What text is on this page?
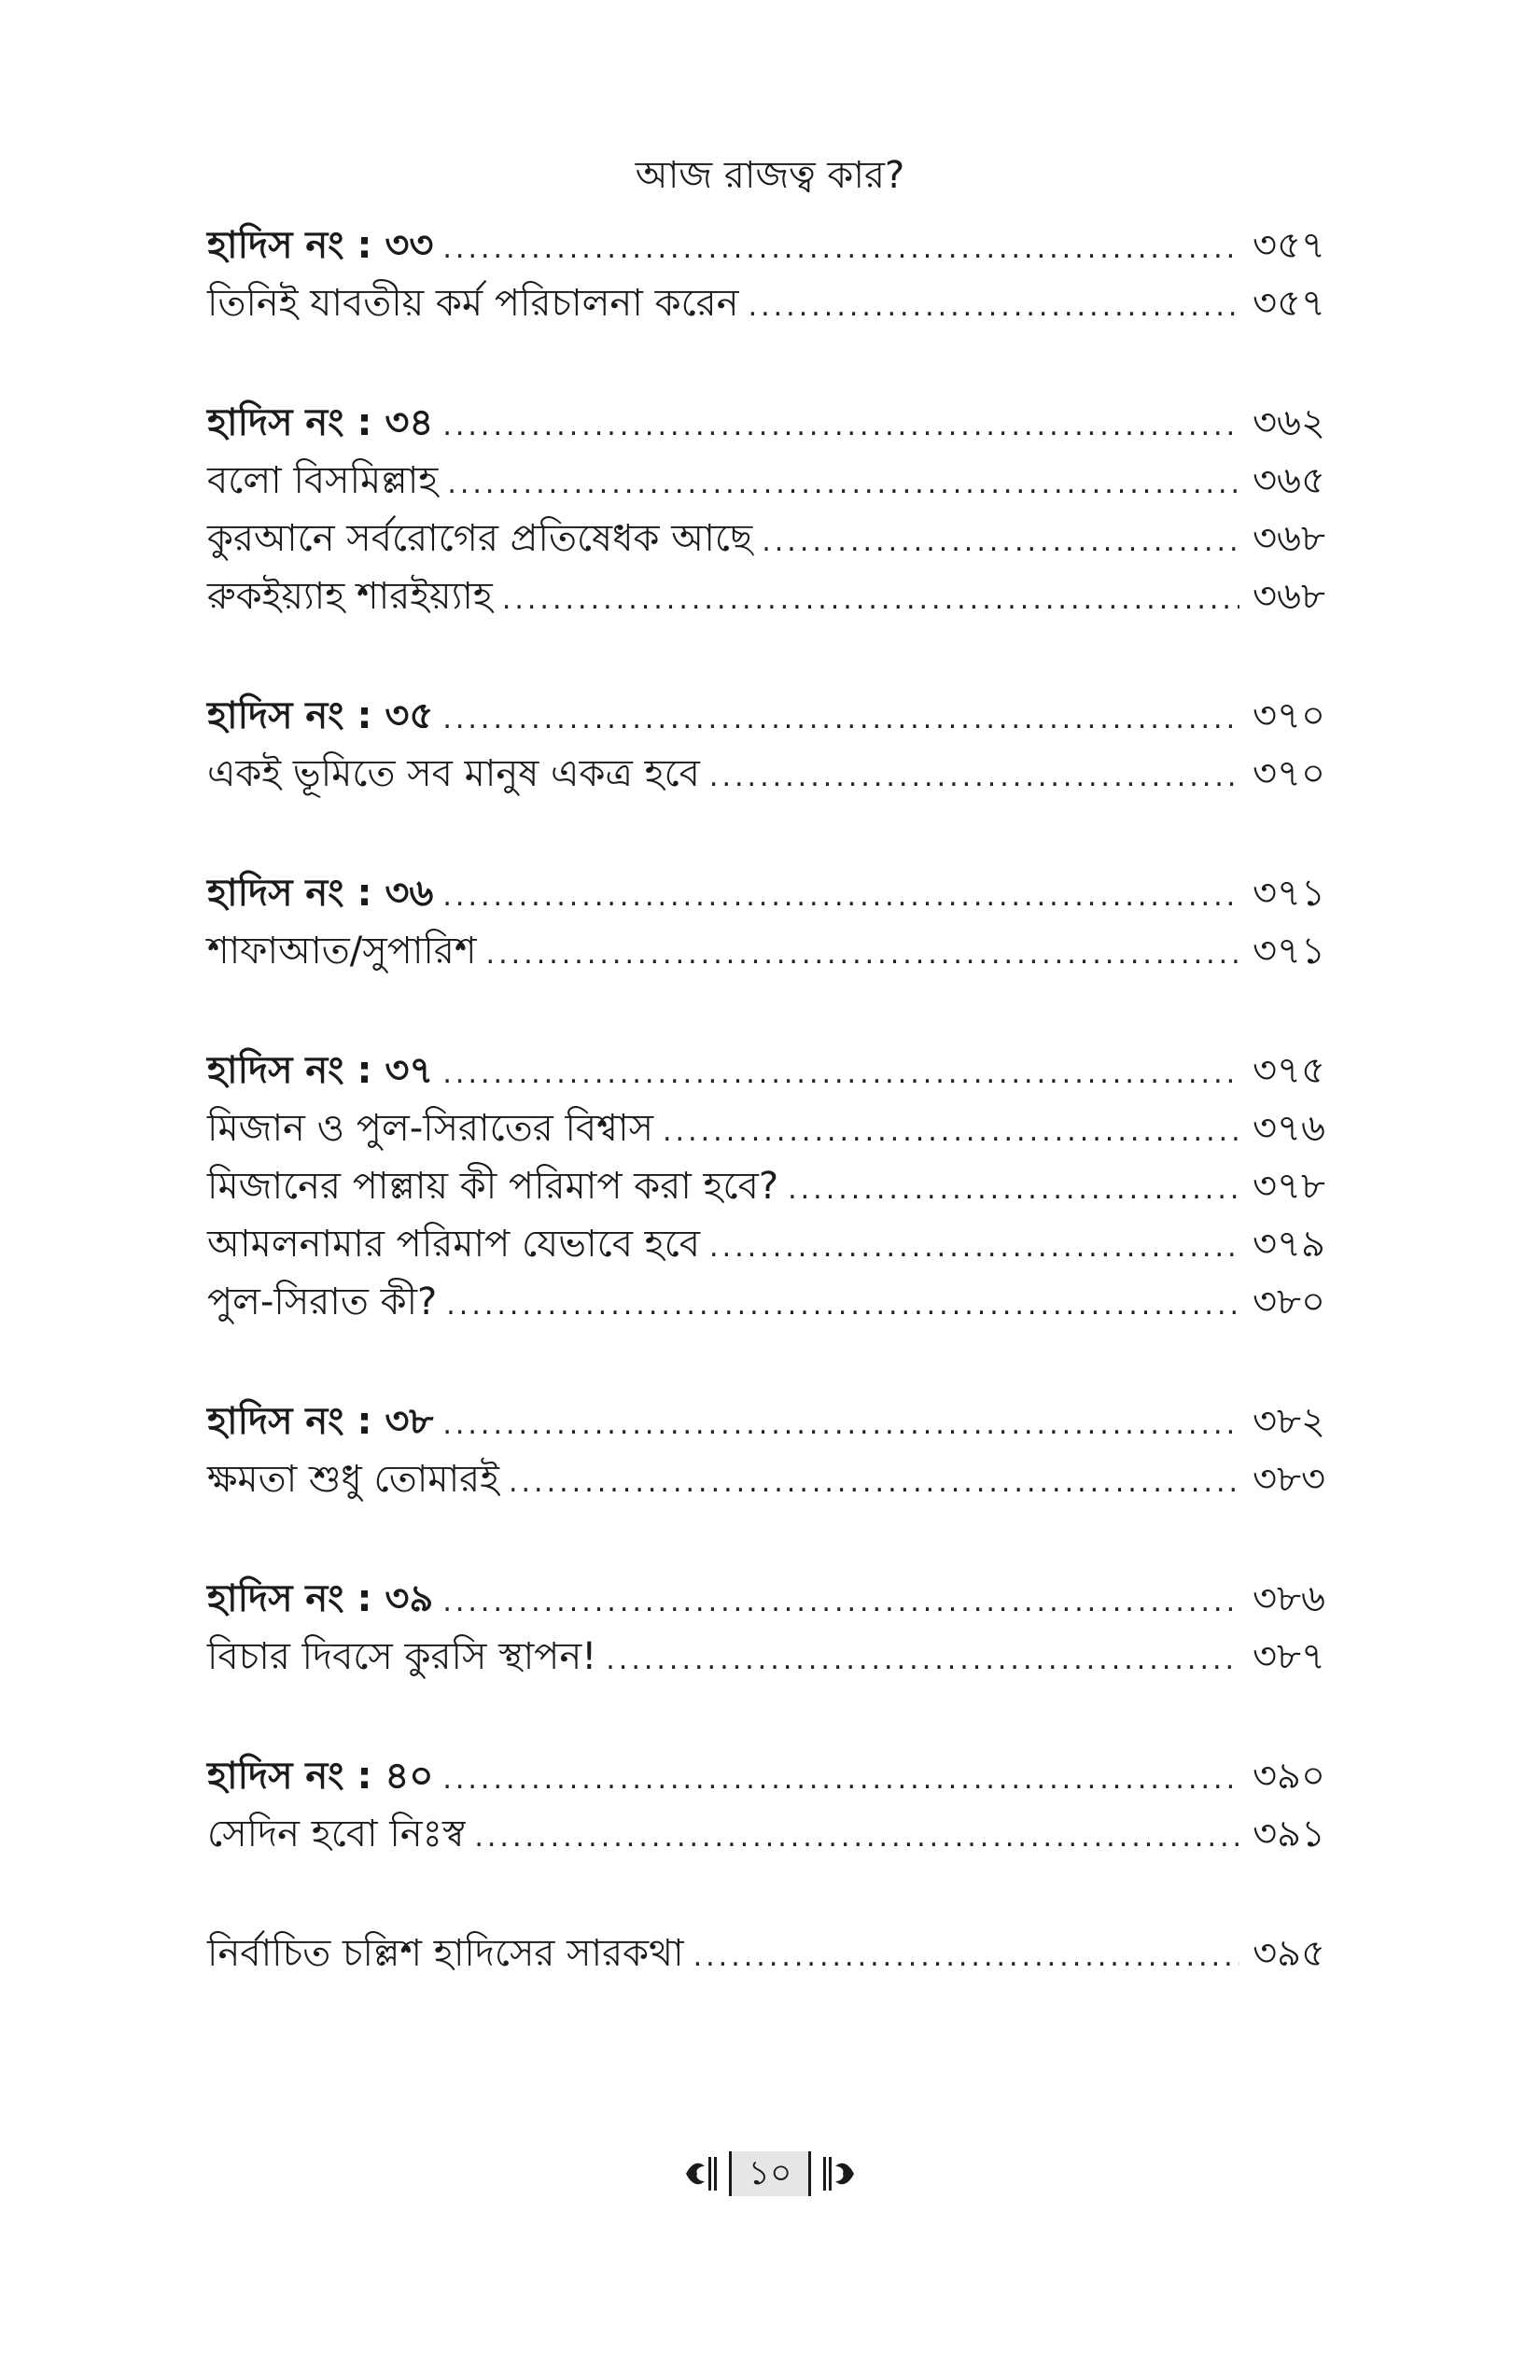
আজ রাজত্ব কার?
হাদিস নং : ৩৩ .....	৩৫৭
তিনিই যাবতীয় কর্ম পরিচালনা করেন .....	৩৫৭
হাদিস নং : ৩৪ .....	৩৬২
বলো বিসমিল্লাহ .....	৩৬৫
কুরআনে সর্বরোগের প্রতিষেধক আছে .....	৩৬৮
রুকইয়্যাহ শারইয়্যাহ .....	৩৬৮
হাদিস নং : ৩৫ .....	৩৭০
একই ভূমিতে সব মানুষ একত্র হবে .....	৩৭০
হাদিস নং : ৩৬ .....	৩৭১
শাফাআত/সুপারিশ .....	৩৭১
হাদিস নং : ৩৭ .....	৩৭৫
মিজান ও পুল-সিরাতের বিশ্বাস .....	৩৭৬
মিজানের পাল্লায় কী পরিমাপ করা হবে? .....	৩৭৮
আমলনামার পরিমাপ যেভাবে হবে .....	৩৭৯
পুল-সিরাত কী? .....	৩৮০
হাদিস নং : ৩৮ .....	৩৮২
ক্ষমতা শুধু তোমারই .....	৩৮৩
হাদিস নং : ৩৯ .....	৩৮৬
বিচার দিবসে কুরসি স্থাপন! .....	৩৮৭
হাদিস নং : ৪০ .....	৩৯০
সেদিন হবো নিঃস্ব .....	৩৯১
নির্বাচিত চল্লিশ হাদিসের সারকথা .....	৩৯৫
১০
